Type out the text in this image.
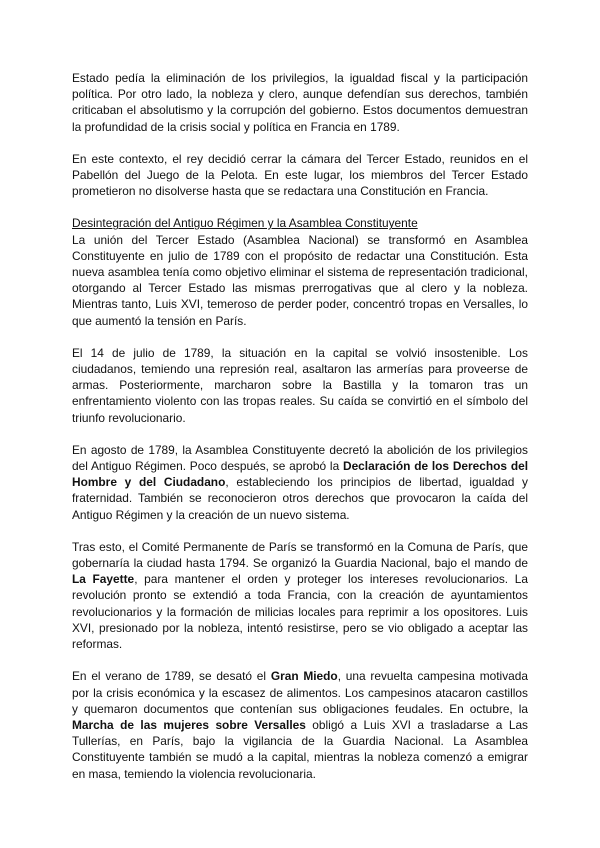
Estado pedía la eliminación de los privilegios, la igualdad fiscal y la participación política. Por otro lado, la nobleza y clero, aunque defendían sus derechos, también criticaban el absolutismo y la corrupción del gobierno. Estos documentos demuestran la profundidad de la crisis social y política en Francia en 1789.

En este contexto, el rey decidió cerrar la cámara del Tercer Estado, reunidos en el Pabellón del Juego de la Pelota. En este lugar, los miembros del Tercer Estado prometieron no disolverse hasta que se redactara una Constitución en Francia.

Desintegración del Antiguo Régimen y la Asamblea Constituyente

La unión del Tercer Estado (Asamblea Nacional) se transformó en Asamblea Constituyente en julio de 1789 con el propósito de redactar una Constitución. Esta nueva asamblea tenía como objetivo eliminar el sistema de representación tradicional, otorgando al Tercer Estado las mismas prerrogativas que al clero y la nobleza. Mientras tanto, Luis XVI, temeroso de perder poder, concentró tropas en Versalles, lo que aumentó la tensión en París.

El 14 de julio de 1789, la situación en la capital se volvió insostenible. Los ciudadanos, temiendo una represión real, asaltaron las armerías para proveerse de armas. Posteriormente, marcharon sobre la Bastilla y la tomaron tras un enfrentamiento violento con las tropas reales. Su caída se convirtió en el símbolo del triunfo revolucionario.

En agosto de 1789, la Asamblea Constituyente decretó la abolición de los privilegios del Antiguo Régimen. Poco después, se aprobó la Declaración de los Derechos del Hombre y del Ciudadano, estableciendo los principios de libertad, igualdad y fraternidad. También se reconocieron otros derechos que provocaron la caída del Antiguo Régimen y la creación de un nuevo sistema.

Tras esto, el Comité Permanente de París se transformó en la Comuna de París, que gobernaría la ciudad hasta 1794. Se organizó la Guardia Nacional, bajo el mando de La Fayette, para mantener el orden y proteger los intereses revolucionarios. La revolución pronto se extendió a toda Francia, con la creación de ayuntamientos revolucionarios y la formación de milicias locales para reprimir a los opositores. Luis XVI, presionado por la nobleza, intentó resistirse, pero se vio obligado a aceptar las reformas.

En el verano de 1789, se desató el Gran Miedo, una revuelta campesina motivada por la crisis económica y la escasez de alimentos. Los campesinos atacaron castillos y quemaron documentos que contenían sus obligaciones feudales. En octubre, la Marcha de las mujeres sobre Versalles obligó a Luis XVI a trasladarse a Las Tullerías, en París, bajo la vigilancia de la Guardia Nacional. La Asamblea Constituyente también se mudó a la capital, mientras la nobleza comenzó a emigrar en masa, temiendo la violencia revolucionaria.
